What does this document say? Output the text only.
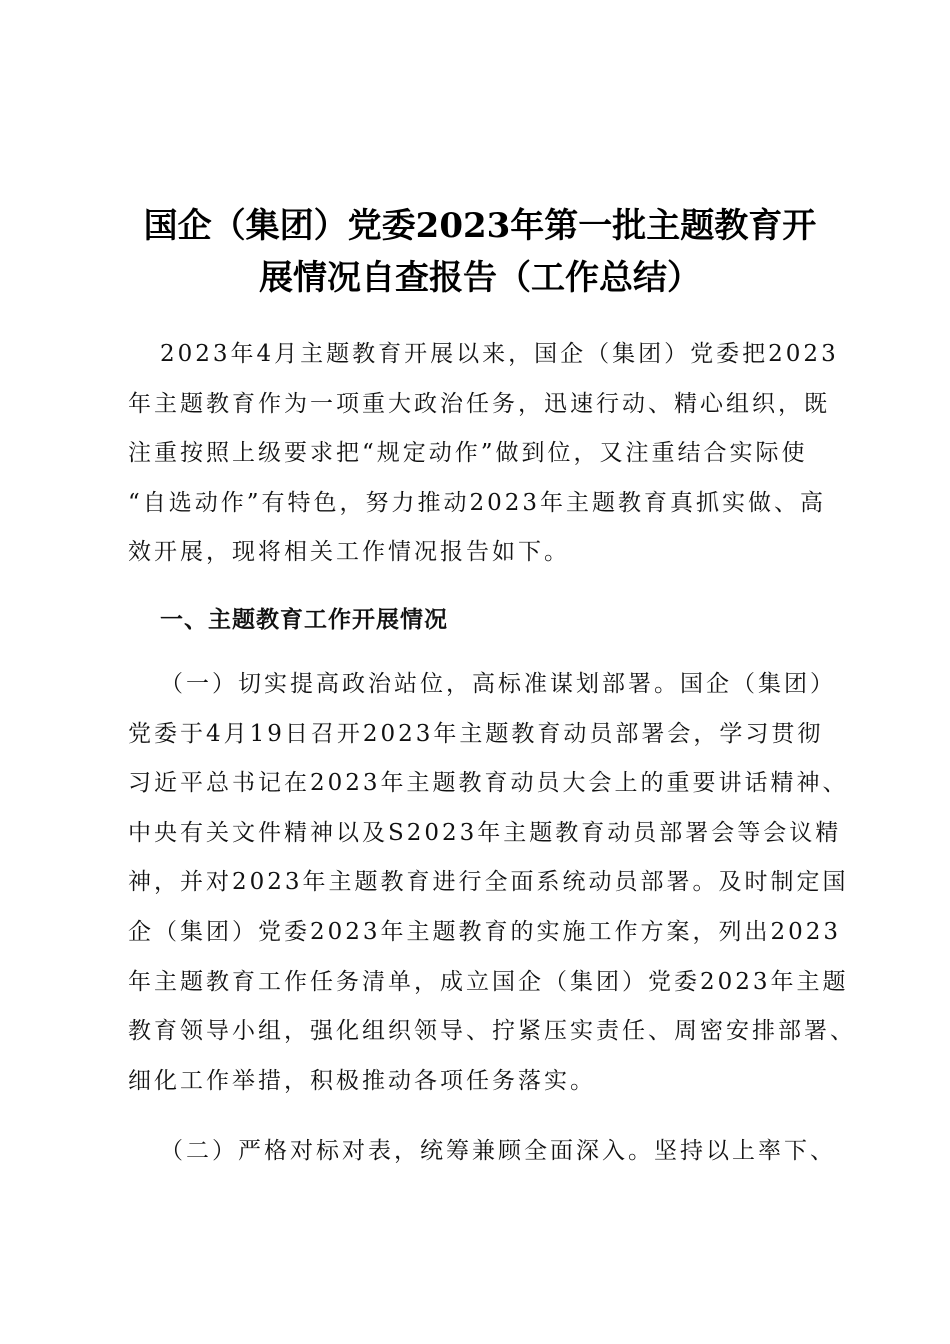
国企（集团）党委2023年第一批主题教育开
展情况自查报告（工作总结）
2023年4月主题教育开展以来，国企（集团）党委把2023
年主题教育作为一项重大政治任务，迅速行动、精心组织，既
注重按照上级要求把“规定动作”做到位，又注重结合实际使
“自选动作”有特色，努力推动2023年主题教育真抓实做、高
效开展，现将相关工作情况报告如下。
一、主题教育工作开展情况
（一）切实提高政治站位，高标准谋划部署。国企（集团）
党委于4月19日召开2023年主题教育动员部署会，学习贯彻
习近平总书记在2023年主题教育动员大会上的重要讲话精神、
中央有关文件精神以及S2023年主题教育动员部署会等会议精
神，并对2023年主题教育进行全面系统动员部署。及时制定国
企（集团）党委2023年主题教育的实施工作方案，列出2023
年主题教育工作任务清单，成立国企（集团）党委2023年主题
教育领导小组，强化组织领导、拧紧压实责任、周密安排部署、
细化工作举措，积极推动各项任务落实。
（二）严格对标对表，统筹兼顾全面深入。坚持以上率下、
